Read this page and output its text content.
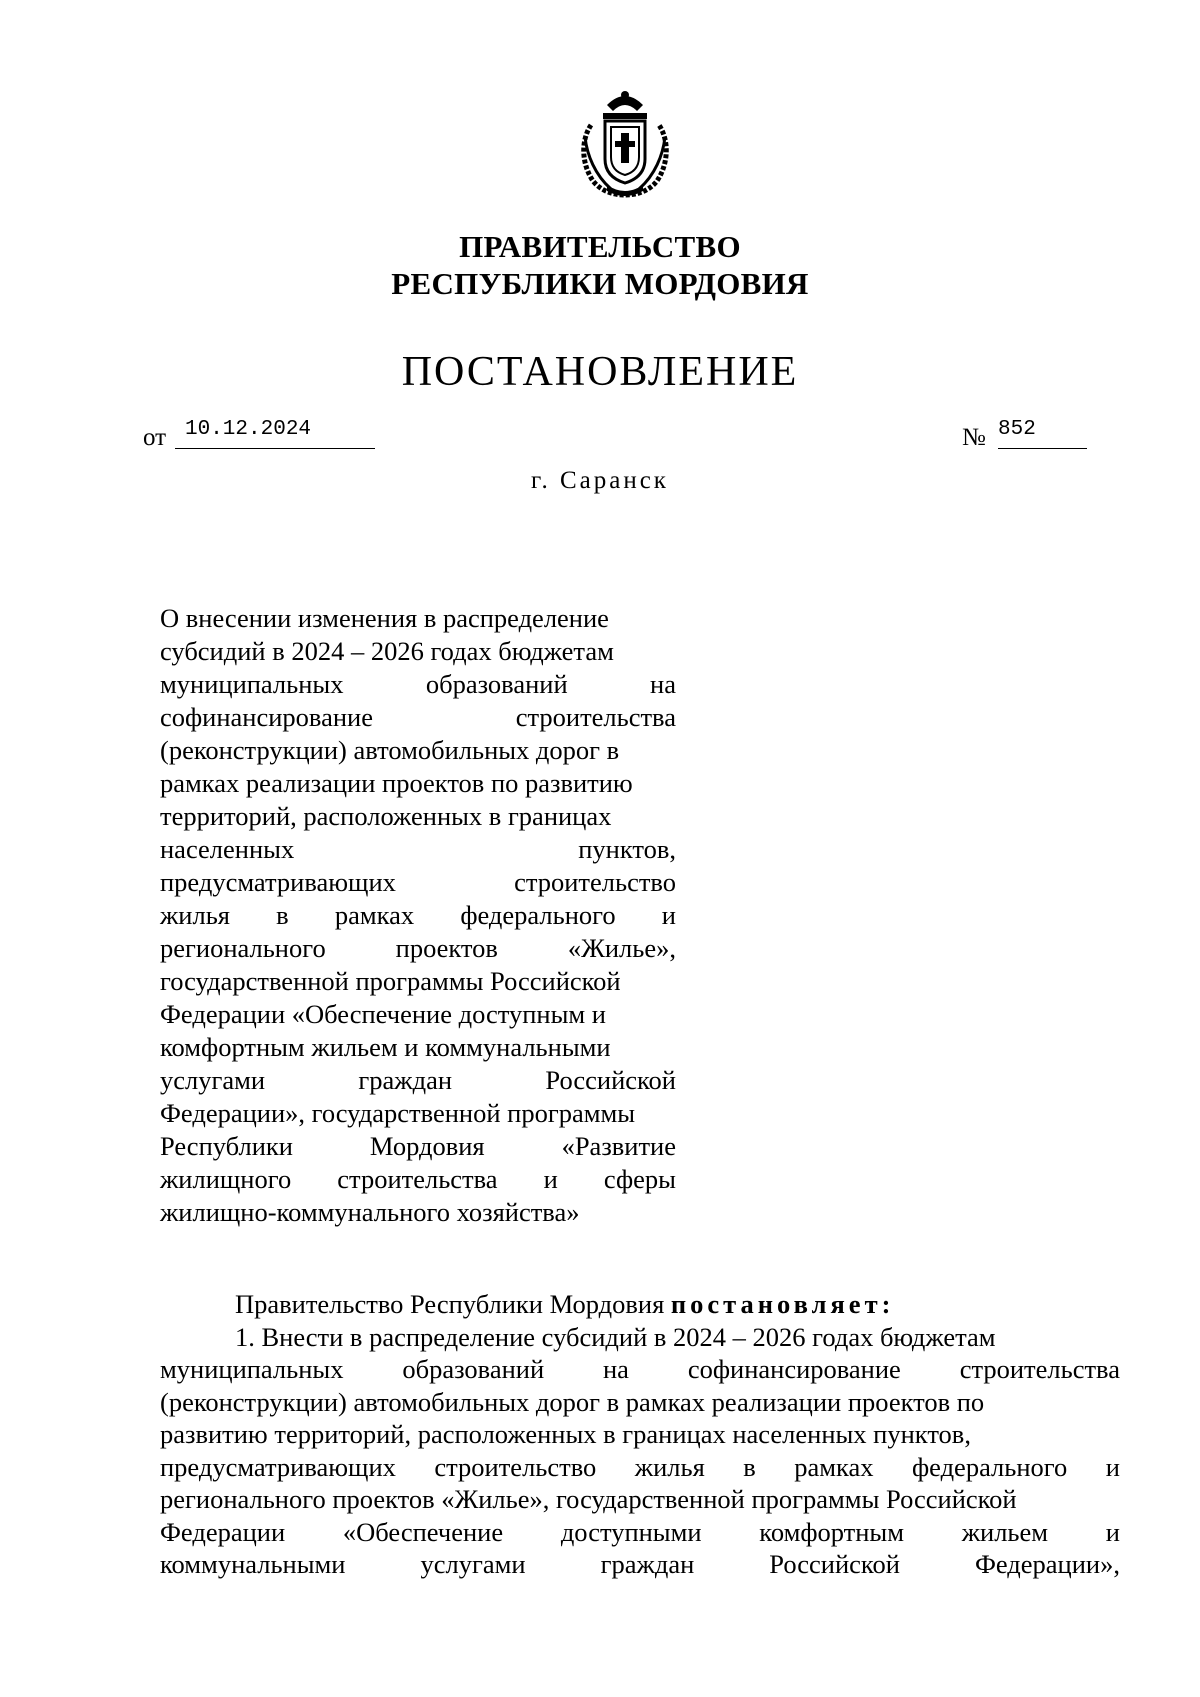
ПРАВИТЕЛЬСТВО
РЕСПУБЛИКИ МОРДОВИЯ
ПОСТАНОВЛЕНИЕ
от 10.12.2024	№ 852
г. Саранск
О внесении изменения в распределение
субсидий в 2024 – 2026 годах бюджетам
муниципальных	образований	на
софинансирование	строительства
(реконструкции) автомобильных дорог в
рамках реализации проектов по развитию
территорий, расположенных в границах
населенных	пунктов,
предусматривающих	строительство
жилья в рамках федерального и
регионального	проектов	«Жилье»,
государственной программы Российской
Федерации «Обеспечение доступным и
комфортным жильем и коммунальными
услугами	граждан	Российской
Федерации», государственной программы
Республики	Мордовия	«Развитие
жилищного строительства и сферы
жилищно-коммунального хозяйства»
Правительство Республики Мордовия
постановляет:
1. Внести в распределение субсидий в 2024 – 2026 годах бюджетам
муниципальных образований на софинансирование строительства
(реконструкции) автомобильных дорог в рамках реализации проектов по
развитию территорий, расположенных в границах населенных пунктов,
предусматривающих строительство жилья в рамках федерального и
регионального проектов «Жилье», государственной программы Российской
Федерации «Обеспечение доступными комфортным жильем и
коммунальными	услугами	граждан	Российской	Федерации»,
